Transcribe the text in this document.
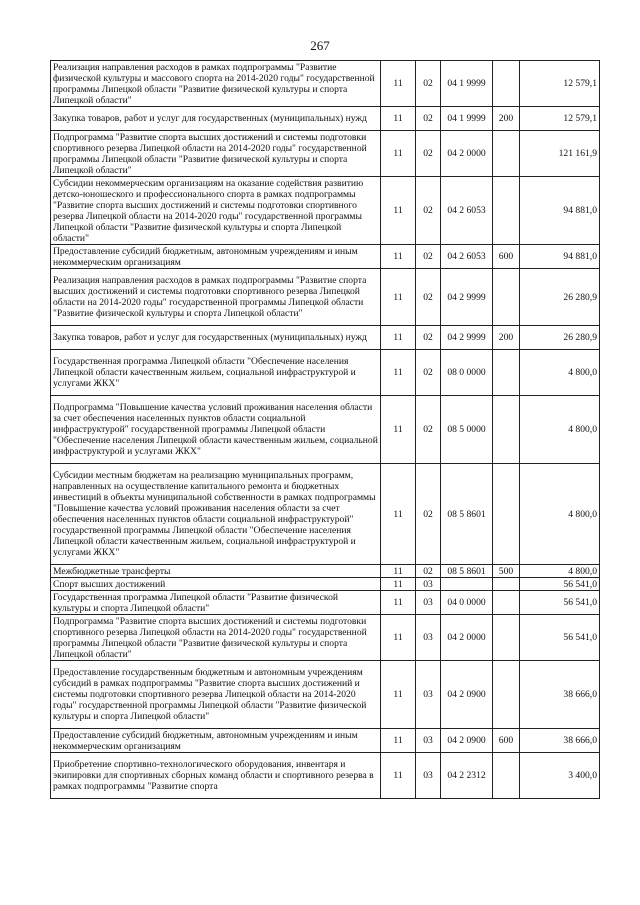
267
Реализация направления расходов в рамках подпрограммы "Развитие физической культуры и массового спорта на 2014-2020 годы" государственной программы Липецкой области "Развитие физической культуры и спорта Липецкой области"	11	02	04 1 9999		12 579,1
Закупка товаров, работ и услуг для государственных (муниципальных) нужд	11	02	04 1 9999	200	12 579,1
Подпрограмма "Развитие спорта высших достижений и системы подготовки спортивного резерва Липецкой области на 2014-2020 годы" государственной программы Липецкой области "Развитие физической культуры и спорта Липецкой области"	11	02	04 2 0000		121 161,9
Субсидии некоммерческим организациям на оказание содействия развитию детско-юношеского и профессионального спорта в рамках подпрограммы "Развитие спорта высших достижений и системы подготовки спортивного резерва Липецкой области на 2014-2020 годы" государственной программы Липецкой области "Развитие физической культуры и спорта Липецкой области"	11	02	04 2 6053		94 881,0
Предоставление субсидий бюджетным, автономным учреждениям и иным некоммерческим организациям	11	02	04 2 6053	600	94 881,0
Реализация направления расходов в рамках подпрограммы "Развитие спорта высших достижений и системы подготовки спортивного резерва Липецкой области на 2014-2020 годы" государственной программы Липецкой области "Развитие физической культуры и спорта Липецкой области"	11	02	04 2 9999		26 280,9
Закупка товаров, работ и услуг для государственных (муниципальных) нужд	11	02	04 2 9999	200	26 280,9
Государственная программа Липецкой области "Обеспечение населения Липецкой области качественным жильем, социальной инфраструктурой и услугами ЖКХ"	11	02	08 0 0000		4 800,0
Подпрограмма "Повышение качества условий проживания населения области за счет обеспечения населенных пунктов области социальной инфраструктурой" государственной программы Липецкой области "Обеспечение населения Липецкой области качественным жильем, социальной инфраструктурой и услугами ЖКХ"	11	02	08 5 0000		4 800,0
Субсидии местным бюджетам на реализацию муниципальных программ, направленных на осуществление капитального ремонта и бюджетных инвестиций в объекты муниципальной собственности в рамках подпрограммы "Повышение качества условий проживания населения области за счет обеспечения населенных пунктов области социальной инфраструктурой" государственной программы Липецкой области "Обеспечение населения Липецкой области качественным жильем, социальной инфраструктурой и услугами ЖКХ"	11	02	08 5 8601		4 800,0
Межбюджетные трансферты	11	02	08 5 8601	500	4 800,0
Спорт высших достижений	11	03			56 541,0
Государственная программа Липецкой области "Развитие физической культуры и спорта Липецкой области"	11	03	04 0 0000		56 541,0
Подпрограмма "Развитие спорта высших достижений и системы подготовки спортивного резерва Липецкой области на 2014-2020 годы" государственной программы Липецкой области "Развитие физической культуры и спорта Липецкой области"	11	03	04 2 0000		56 541,0
Предоставление государственным бюджетным и автономным учреждениям субсидий в рамках подпрограммы "Развитие спорта высших достижений и системы подготовки спортивного резерва Липецкой области на 2014-2020 годы" государственной программы Липецкой области "Развитие физической культуры и спорта Липецкой области"	11	03	04 2 0900		38 666,0
Предоставление субсидий бюджетным, автономным учреждениям и иным некоммерческим организациям	11	03	04 2 0900	600	38 666,0
Приобретение спортивно-технологического оборудования, инвентаря и экипировки для спортивных сборных команд области и спортивного резерва в рамках подпрограммы "Развитие спорта	11	03	04 2 2312		3 400,0
